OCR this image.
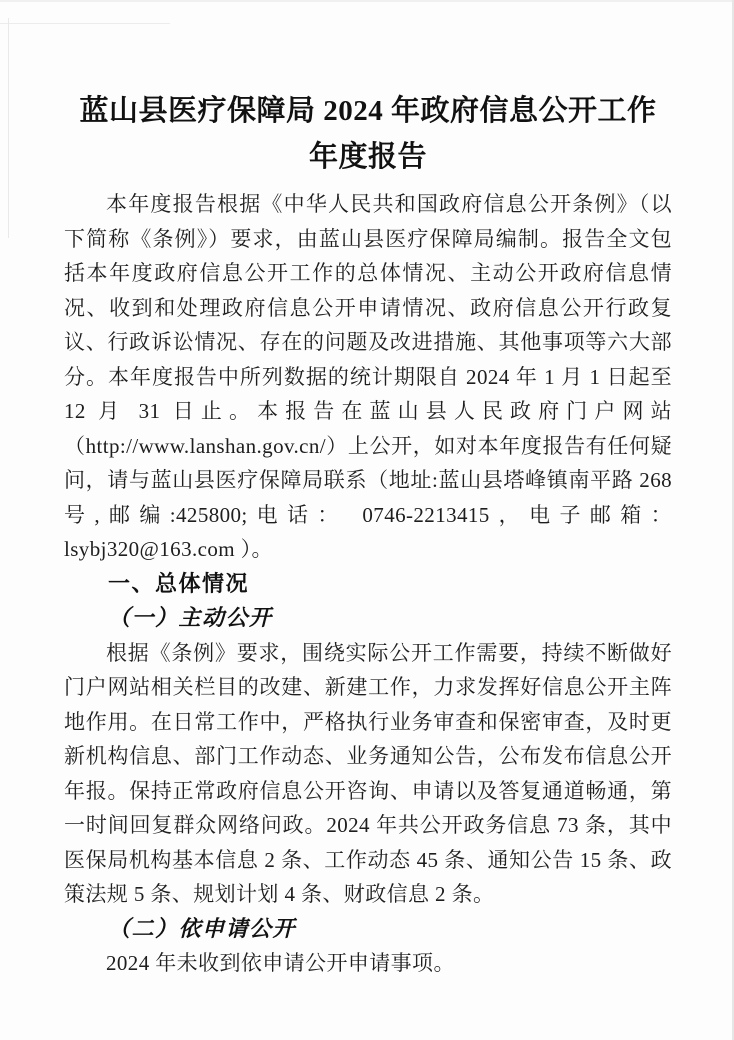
蓝山县医疗保障局 2024 年政府信息公开工作
年度报告

本年度报告根据《中华人民共和国政府信息公开条例》（以下简称《条例》）要求，由蓝山县医疗保障局编制。报告全文包括本年度政府信息公开工作的总体情况、主动公开政府信息情况、收到和处理政府信息公开申请情况、政府信息公开行政复议、行政诉讼情况、存在的问题及改进措施、其他事项等六大部分。本年度报告中所列数据的统计期限自 2024 年 1 月 1 日起至 12 月 31 日止。本报告在蓝山县人民政府门户网站（http://www.lanshan.gov.cn/）上公开，如对本年度报告有任何疑问，请与蓝山县医疗保障局联系（地址:蓝山县塔峰镇南平路 268 号,邮编:425800;电话： 0746-2213415，电子邮箱： lsybj320@163.com ）。

一、总体情况
（一）主动公开

根据《条例》要求，围绕实际公开工作需要，持续不断做好门户网站相关栏目的改建、新建工作，力求发挥好信息公开主阵地作用。在日常工作中，严格执行业务审查和保密审查，及时更新机构信息、部门工作动态、业务通知公告，公布发布信息公开年报。保持正常政府信息公开咨询、申请以及答复通道畅通，第一时间回复群众网络问政。2024 年共公开政务信息 73 条，其中医保局机构基本信息 2 条、工作动态 45 条、通知公告 15 条、政策法规 5 条、规划计划 4 条、财政信息 2 条。

（二）依申请公开

2024 年未收到依申请公开申请事项。
